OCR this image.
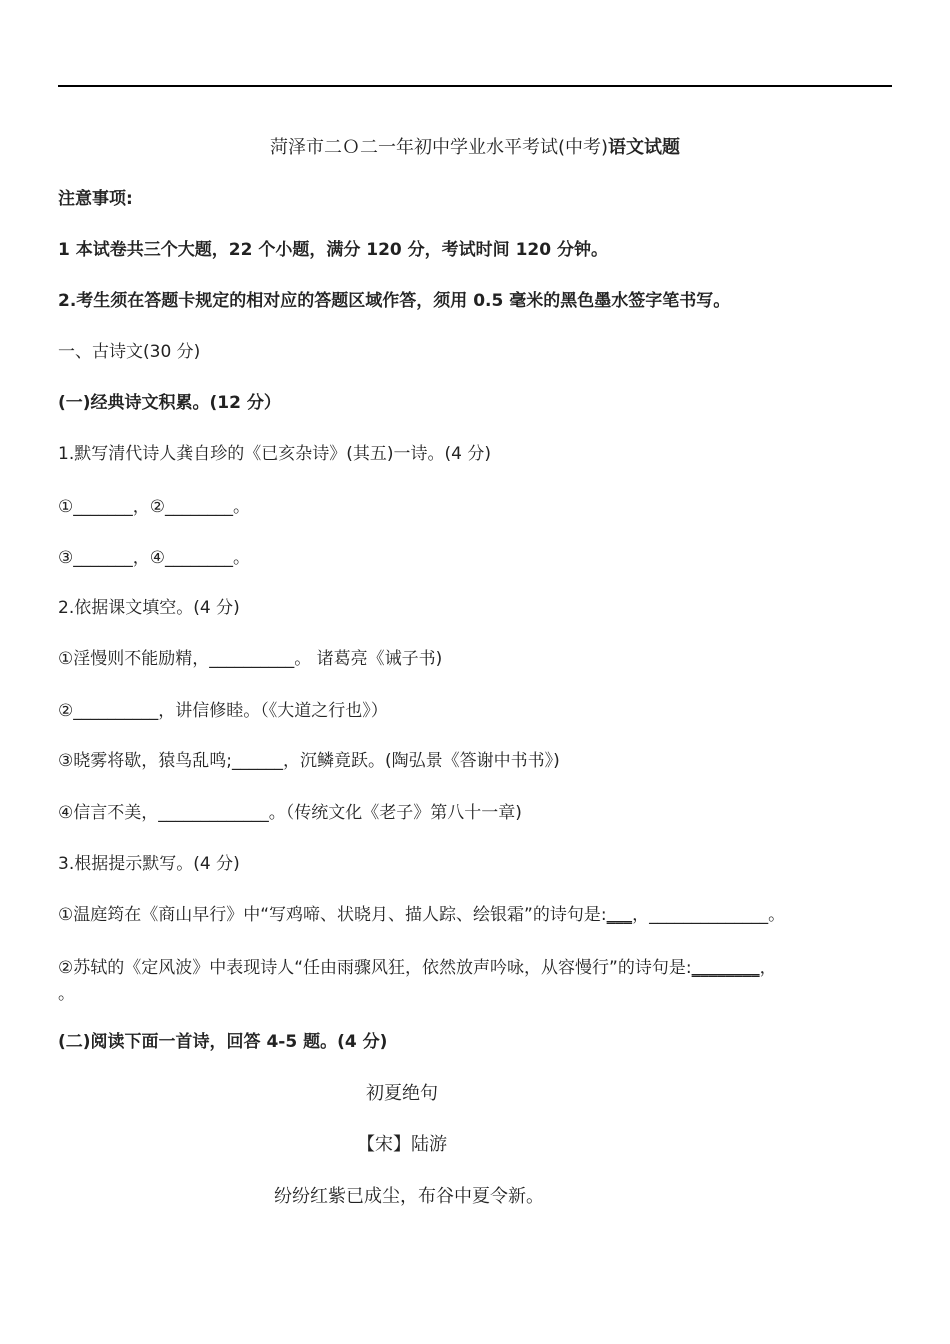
菏泽市二Ｏ二一年初中学业水平考试(中考)语文试题

注意事项:

1 本试卷共三个大题，22 个小题，满分 120 分，考试时间 120 分钟。

2.考生须在答题卡规定的相对应的答题区域作答，须用 0.5 毫米的黑色墨水签字笔书写。

一、古诗文(30 分)

(一)经典诗文积累。(12 分）

1.默写清代诗人龚自珍的《已亥杂诗》(其五)一诗。(4 分)

①_______，②________。

③_______，④________。

2.依据课文填空。(4 分)

①淫慢则不能励精，__________。 诸葛亮《诫子书)

②__________，讲信修睦。（《大道之行也》）

③晓雾将歇，猿鸟乱鸣;______，沉鳞竟跃。(陶弘景《答谢中书书》)

④信言不美，_____________。（传统文化《老子》第八十一章)

3.根据提示默写。(4 分)

①温庭筠在《商山早行》中“写鸡啼、状晓月、描人踪、绘银霜”的诗句是:___，______________。

②苏轼的《定风波》中表现诗人“任由雨骤风狂，依然放声吟咏，从容慢行”的诗句是:________，

。

(二)阅读下面一首诗，回答 4-5 题。(4 分)

初夏绝句

【宋】陆游

纷纷红紫已成尘，布谷中夏令新。
